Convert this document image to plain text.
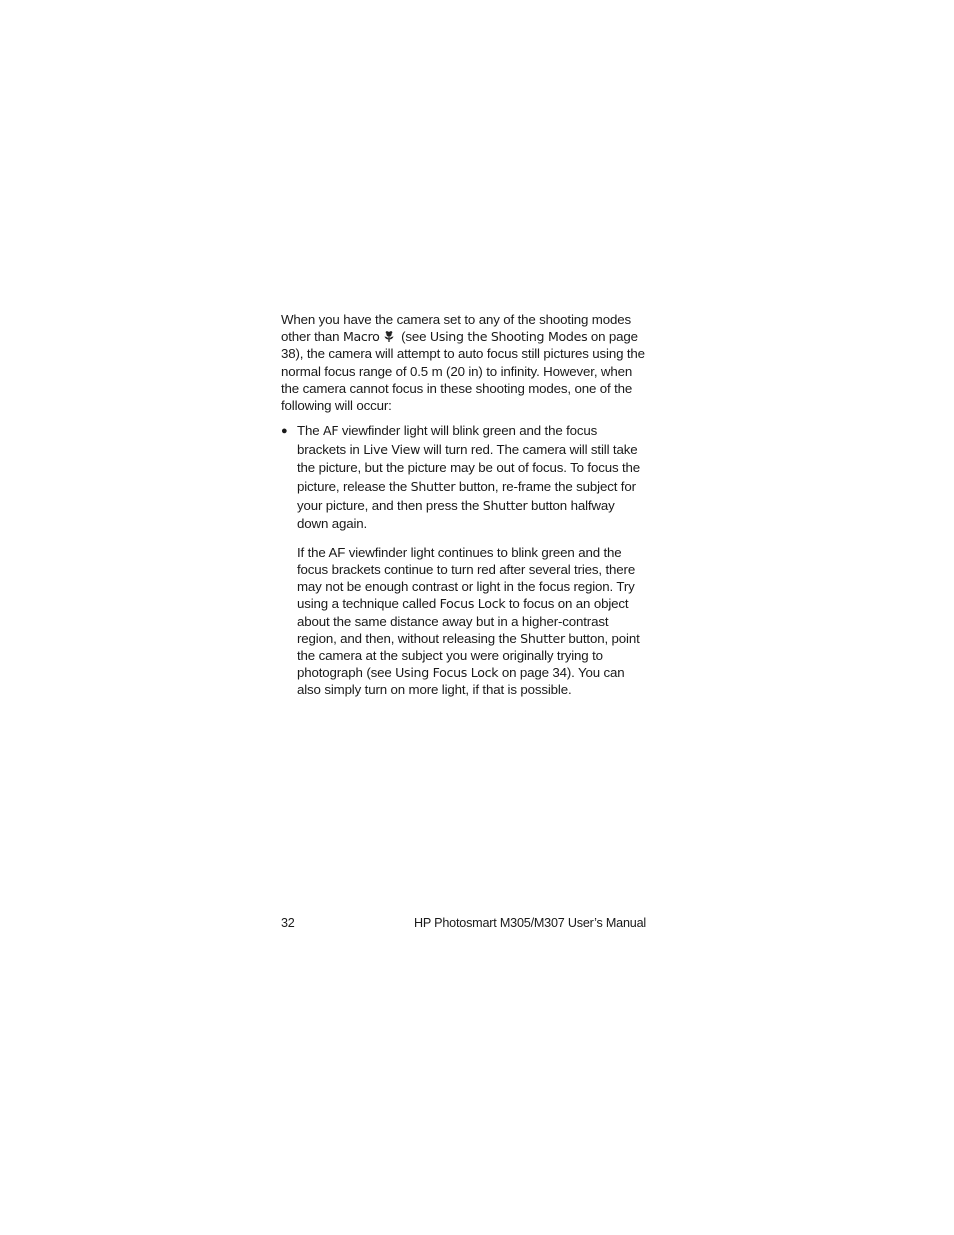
When you have the camera set to any of the shooting modes other than Macro (see Using the Shooting Modes on page 38), the camera will attempt to auto focus still pictures using the normal focus range of 0.5 m (20 in) to infinity. However, when the camera cannot focus in these shooting modes, one of the following will occur:

● The AF viewfinder light will blink green and the focus brackets in Live View will turn red. The camera will still take the picture, but the picture may be out of focus. To focus the picture, release the Shutter button, re-frame the subject for your picture, and then press the Shutter button halfway down again.

If the AF viewfinder light continues to blink green and the focus brackets continue to turn red after several tries, there may not be enough contrast or light in the focus region. Try using a technique called Focus Lock to focus on an object about the same distance away but in a higher-contrast region, and then, without releasing the Shutter button, point the camera at the subject you were originally trying to photograph (see Using Focus Lock on page 34). You can also simply turn on more light, if that is possible.

32	HP Photosmart M305/M307 User’s Manual
